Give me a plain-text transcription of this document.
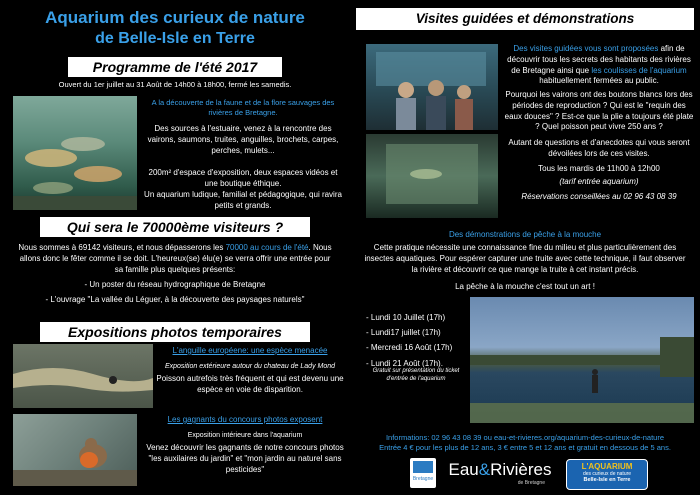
Aquarium des curieux de nature
de Belle-Isle en Terre
Programme de l'été 2017
Ouvert du 1er juillet au 31 Août de 14h00 à 18h00, fermé les samedis.
A la découverte de la faune et de la flore sauvages des rivières de Bretagne.
Des sources à l'estuaire, venez à la rencontre des vairons, saumons, truites, anguilles, brochets, carpes, perches, mulets...
200m² d'espace d'exposition, deux espaces vidéos et une boutique éthique.
Un aquarium ludique, familial et pédagogique, qui ravira petits et grands.
Qui sera le 70000ème visiteurs ?
Nous sommes à 69142 visiteurs, et nous dépasserons les 70000 au cours de l'été. Nous allons donc le fêter comme il se doit. L'heureux(se) élu(e) se verra offrir une entrée pour sa famille plus quelques présents:
- Un poster du réseau hydrographique de Bretagne
- L'ouvrage "La vallée du Léguer, à la découverte des paysages naturels"
Expositions photos temporaires
L'anguille européene: une espèce menacée
Exposition extérieure autour du chateau de Lady Mond
Poisson autrefois très fréquent et qui est devenu une espèce en voie de disparition.
Les gagnants du concours photos exposent
Exposition intérieure dans l'aquarium
Venez découvrir les gagnants de notre concours photos "les auxilaires du jardin" et "mon jardin au naturel sans pesticides"
Visites guidées et démonstrations
Des visites guidées vous sont proposées afin de découvrir tous les secrets des habitants des rivières de Bretagne ainsi que les coulisses de l'aquarium habituellement fermées au public.
Pourquoi les vairons ont des boutons blancs lors des périodes de reproduction ? Qui est le "requin des eaux douces" ? Est-ce que la plie a toujours été plate ? Quel poisson peut vivre 250 ans ?
Autant de questions et d'anecdotes qui vous seront dévoilées lors de ces visites.
Tous les mardis de 11h00 à 12h00
(tarif entrée aquarium)
Réservations conseillées au 02 96 43 08 39
Des démonstrations de pêche à la mouche
Cette pratique nécessite une connaissance fine du milieu et plus particulièrement des insectes aquatiques. Pour espérer capturer une truite avec cette technique, il faut observer la rivière et découvrir ce que mange la truite à cet instant précis.
La pêche à la mouche c'est tout un art !
- Lundi 10 Juillet (17h)
- Lundi17 juillet (17h)
- Mercredi 16 Août (17h)
- Lundi 21 Août (17h).
Gratuit sur présentation du ticket d'entrée de l'aquarium
Informations: 02 96 43 08 39 ou eau-et-rivieres.org/aquarium-des-curieux-de-nature
Entrée 4 € pour les plus de 12 ans, 3 € entre 5 et 12 ans et gratuit en dessous de 5 ans.
Bretagne Eau&Rivières
de Bretagne
L'AQUARIUM
des curieux de nature
Belle-Isle en Terre
